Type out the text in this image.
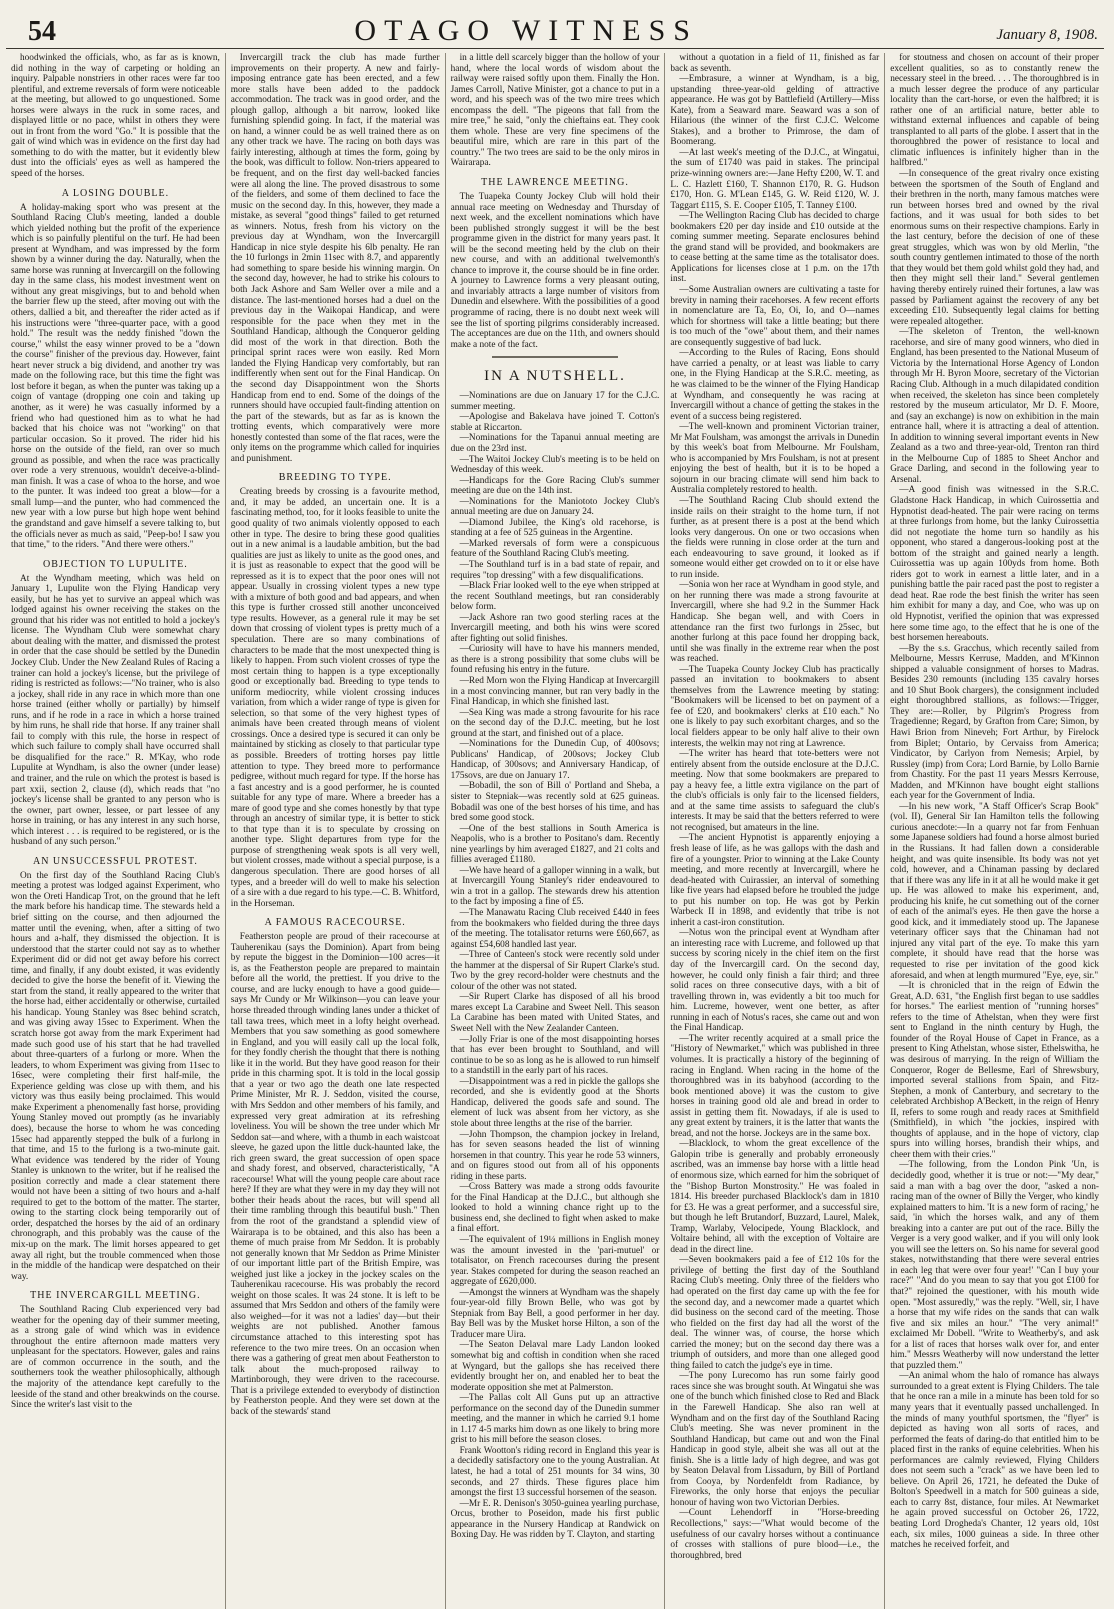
54	OTAGO WITNESS	January 8, 1908.

hoodwinked the officials, who, as far as is known, did nothing in the way of carpeting or holding an inquiry. Palpable nonstriers in other races were far too plentiful, and extreme reversals of form were noticeable at the meeting, but allowed to go unquestioned. Some horses were always in the ruck in some races, and displayed little or no pace, whilst in others they were out in front from the word "Go." It is possible that the gait of wind which was in evidence on the first day had something to do with the matter, but it evidently blew dust into the officials' eyes as well as hampered the speed of the horses.

A LOSING DOUBLE.

A holiday-making sport who was present at the Southland Racing Club's meeting, landed a double which yielded nothing but the profit of the experience which is so painfully plentiful on the turf. He had been present at Wyndham, and was impressed by the form shown by a winner during the day. Naturally, when the same horse was running at Invercargill on the following day in the same class, his modest investment went on without any great misgivings, but to and behold when the barrier flew up the steed, after moving out with the others, dallied a bit, and thereafter the rider acted as if his instructions were "three-quarter pace, with a good hold." The result was the neddy finished "down the course," whilst the easy winner proved to be a "down the course" finisher of the previous day. However, faint heart never struck a big dividend, and another try was made on the following race, but this time the fight was lost before it began, as when the punter was taking up a coign of vantage (dropping one coin and taking up another, as it were) he was casually informed by a friend who had questioned him as to what he had backed that his choice was not "working" on that particular occasion. So it proved. The rider hid his horse on the outside of the field, ran over so much ground as possible, and when the race was practically over rode a very strenuous, wouldn't deceive-a-blind-man finish. It was a case of whoa to the horse, and woe to the punter. It was indeed too great a blow—for a small lump—and the punter, who had commenced the new year with a low purse but high hope went behind the grandstand and gave himself a severe talking to, but the officials never as much as said, "Peep-bo! I saw you that time," to the riders. "And there were others."

OBJECTION TO LUPULITE.

At the Wyndham meeting, which was held on January 1, Lupulite won the Flying Handicap very easily, but he has yet to survive an appeal which was lodged against his owner receiving the stakes on the ground that his rider was not entitled to hold a jockey's license. The Wyndham Club were somewhat chary about dealing with the matter, and dismissed the protest in order that the case should be settled by the Dunedin Jockey Club. Under the New Zealand Rules of Racing a trainer can hold a jockey's license, but the privilege of riding is restricted as follows:—"No trainer, who is also a jockey, shall ride in any race in which more than one horse trained (either wholly or partially) by himself runs, and if he rode in a race in which a horse trained by him runs, he shall ride that horse. If any trainer shall fail to comply with this rule, the horse in respect of which such failure to comply shall have occurred shall be disqualified for the race." R. M'Kay, who rode Lupulite at Wyndham, is also the owner (under lease) and trainer, and the rule on which the protest is based is part xxii, section 2, clause (d), which reads that "no jockey's license shall be granted to any person who is the owner, part owner, lessee, or part lessee of any horse in training, or has any interest in any such horse, which interest . . . is required to be registered, or is the husband of any such person."

AN UNSUCCESSFUL PROTEST.

On the first day of the Southland Racing Club's meeting a protest was lodged against Experiment, who won the Oreti Handicap Trot, on the ground that he left the mark before his handicap time. The stewards held a brief sitting on the course, and then adjourned the matter until the evening, when, after a sitting of two hours and a-half, they dismissed the objection. It is understood that the starter could not say as to whether Experiment did or did not get away before his correct time, and finally, if any doubt existed, it was evidently decided to give the horse the benefit of it. Viewing the start from the stand, it really appeared to the writer that the horse had, either accidentally or otherwise, curtailed his handicap. Young Stanley was 8sec behind scratch, and was giving away 15sec to Experiment. When the scratch horse got away from the mark Experiment had made such good use of his start that he had travelled about three-quarters of a furlong or more. When the leaders, to whom Experiment was giving from 11sec to 16sec, were completing their first half-mile, the Experience gelding was close up with them, and his victory was thus easily being proclaimed. This would make Experiment a phenomenally fast horse, providing Young Stanley moved out promptly (as he invariably does), because the horse to whom he was conceding 15sec had apparently stepped the bulk of a furlong in that time, and 15 to the furlong is a two-minute gait. What evidence was tendered by the rider of Young Stanley is unknown to the writer, but if he realised the position correctly and made a clear statement there would not have been a sitting of two hours and a-half required to get to the bottom of the matter. The starter, owing to the starting clock being temporarily out of order, despatched the horses by the aid of an ordinary chronograph, and this probably was the cause of the mix-up on the mark. The limit horses appeared to get away all right, but the trouble commenced when those in the middle of the handicap were despatched on their way.

THE INVERCARGILL MEETING.

The Southland Racing Club experienced very bad weather for the opening day of their summer meeting, as a strong gale of wind which was in evidence throughout the entire afternoon made matters very unpleasant for the spectators. However, gales and rains are of common occurrence in the south, and the southerners took the weather philosophically, although the majority of the attendance kept carefully to the leeside of the stand and other breakwinds on the course. Since the writer's last visit to the

Invercargill track the club has made further improvements on their property. A new and fairly-imposing entrance gate has been erected, and a few more stalls have been added to the paddock accommodation. The track was in good order, and the plough gallop, although a bit narrow, looked like furnishing splendid going. In fact, if the material was on hand, a winner could be as well trained there as on any other track we have. The racing on both days was fairly interesting, although at times the form, going by the book, was difficult to follow. Non-triers appeared to be frequent, and on the first day well-backed fancies were all along the line. The proved disastrous to some of the fielders, and some of them declined to face the music on the second day. In this, however, they made a mistake, as several "good things" failed to get returned as winners. Notus, fresh from his victory on the previous day at Wyndham, won the Invercargill Handicap in nice style despite his 6lb penalty. He ran the 10 furlongs in 2min 11sec with 8.7, and apparently had something to spare beside his winning margin. On the second day, however, he had to strike his colours to both Jack Ashore and Sam Weller over a mile and a distance. The last-mentioned horses had a duel on the previous day in the Waikopai Handicap, and were responsible for the pace when they met in the Southland Handicap, although the Conqueror gelding did most of the work in that direction. Both the principal sprint races were won easily. Red Morn landed the Flying Handicap very comfortably, but ran indifferently when sent out for the Final Handicap. On the second day Disappointment won the Shorts Handicap from end to end. Some of the doings of the runners should have occupied fault-finding attention on the part of the stewards, but as far as is known the trotting events, which comparatively were more honestly contested than some of the flat races, were the only items on the programme which called for inquiries and punishment.

BREEDING TO TYPE.

Creating breeds by crossing is a favourite method, and, it may be added, an uncertain one. It is a fascinating method, too, for it looks feasible to unite the good quality of two animals violently opposed to each other in type. The desire to bring these good qualities out in a new animal is a laudable ambition, but the bad qualities are just as likely to unite as the good ones, and it is just as reasonable to expect that the good will be repressed as it is to expect that the poor ones will not appear. Usually in crossing violent types a new type with a mixture of both good and bad appears, and when this type is further crossed still another unconceived type results. However, as a general rule it may be set down that crossing of violent types is pretty much of a speculation. There are so many combinations of characters to be made that the most unexpected thing is likely to happen. From such violent crosses of type the most certain thing to happen is a type exceptionally good or exceptionally bad. Breeding to type tends to uniform mediocrity, while violent crossing induces variation, from which a wider range of type is given for selection, so that some of the very highest types of animals have been created through means of violent crossings. Once a desired type is secured it can only be maintained by sticking as closely to that particular type as possible. Breeders of trotting horses pay little attention to type. They breed more to performance pedigree, without much regard for type. If the horse has a fast ancestry and is a good performer, he is counted suitable for any type of mare. Where a breeder has a mare of good type and she comes honestly by that type through an ancestry of similar type, it is better to stick to that type than it is to speculate by crossing on another type. Slight departures from type for the purpose of strengthening weak spots is all very well, but violent crosses, made without a special purpose, is a dangerous speculation. There are good horses of all types, and a breeder will do well to make his selection of a sire with a due regard to his type.—C. B. Whitford, in the Horseman.

A FAMOUS RACECOURSE.

Featherston people are proud of their racecourse at Tauherenikau (says the Dominion). Apart from being by repute the biggest in the Dominion—100 acres—it is, as the Featherston people are prepared to maintain before all the world, the prettiest. If you drive to the course, and are lucky enough to have a good guide—says Mr Cundy or Mr Wilkinson—you can leave your horse threaded through winding lanes under a thicket of tall tawa trees, which meet in a lofty height overhead. Members that you saw something as good somewhere in England, and you will easily call up the local folk, for they fondly cherish the thought that there is nothing like it in the world. But they have good reason for their pride in this charming spot. It is told in the local gossip that a year or two ago the death one late respected Prime Minister, Mr R. J. Seddon, visited the course, with Mrs Seddon and other members of his family, and expressed very great admiration at its refreshing loveliness. You will be shown the tree under which Mr Seddon sat—and where, with a thumb in each waistcoat sleeve, he gazed upon the little duck-haunted lake, the rich green sward, the great succession of open space and shady forest, and observed, characteristically, "A racecourse! What will the young people care about race here? If they are what they were in my day they will not bother their heads about the races, but will spend all their time rambling through this beautiful bush." Then from the root of the grandstand a splendid view of Wairarapa is to be obtained, and this also has been a theme of much praise from Mr Seddon. It is probably not generally known that Mr Seddon as Prime Minister of our important little part of the British Empire, was weighed just like a jockey in the jockey scales on the Tauherenikau racecourse. His was probably the record weight on those scales. It was 24 stone. It is left to be assumed that Mrs Seddon and others of the family were also weighed—for it was not a ladies' day—but their weights are not published. Another famous circumstance attached to this interesting spot has reference to the two mire trees. On an occasion when there was a gathering of great men about Featherston to talk about the much-proposed railway to Martinborough, they were driven to the racecourse. That is a privilege extended to everybody of distinction by Featherston people. And they were set down at the back of the stewards' stand

in a little dell scarcely bigger than the hollow of your hand, where the local words of wisdom about the railway were raised softly upon them. Finally the Hon. James Carroll, Native Minister, got a chance to put in a word, and his speech was of the two mire trees which encompass the dell. "The pigeons that fall from the mire tree," he said, "only the chieftains eat. They cook them whole. These are very fine specimens of the beautiful mire, which are rare in this part of the country." The two trees are said to be the only miros in Wairarapa.

THE LAWRENCE MEETING.

The Tuapeka County Jockey Club will hold their annual race meeting on Wednesday and Thursday of next week, and the excellent nominations which have been published strongly suggest it will be the best programme given in the district for many years past. It will be the second meeting held by the club on their new course, and with an additional twelvemonth's chance to improve it, the course should be in fine order. A journey to Lawrence forms a very pleasant outing, and invariably attracts a large number of visitors from Dunedin and elsewhere. With the possibilities of a good programme of racing, there is no doubt next week will see the list of sporting pilgrims considerably increased. The acceptances are due on the 11th, and owners should make a note of the fact.

IN A NUTSHELL.

—Nominations are due on January 17 for the C.J.C. summer meeting.

—Apologise and Bakelava have joined T. Cotton's stable at Riccarton.

—Nominations for the Tapanui annual meeting are due on the 23rd inst.

—The Waitoi Jockey Club's meeting is to be held on Wednesday of this week.

—Handicaps for the Gore Racing Club's summer meeting are due on the 14th inst.

—Nominations for the Maniototo Jockey Club's annual meeting are due on January 24.

—Diamond Jubilee, the King's old racehorse, is standing at a fee of 525 guineas in the Argentine.

—Marked reversals of form were a conspicuous feature of the Southland Racing Club's meeting.

—The Southland turf is in a bad state of repair, and requires "top dressing" with a few disqualifications.

—Black Friar looked well to the eye when stripped at the recent Southland meetings, but ran considerably below form.

—Jack Ashore ran two good sterling races at the Invercargill meeting, and both his wins were scored after fighting out solid finishes.

—Curiosity will have to have his manners mended, as there is a strong possibility that some clubs will be found refusing his entry in the future.

—Red Morn won the Flying Handicap at Invercargill in a most convincing manner, but ran very badly in the Final Handicap, in which she finished last.

—Sea King was made a strong favourite for his race on the second day of the D.J.C. meeting, but he lost ground at the start, and finished out of a place.

—Nominations for the Dunedin Cup, of 400sovs; Publicans' Handicap, of 200sovs; Jockey Club Handicap, of 300sovs; and Anniversary Handicap, of 175sovs, are due on January 17.

—Bobadil, the son of Bill o' Portland and Sheba, a sister to Stepniak—was recently sold at 625 guineas. Bobadil was one of the best horses of his time, and has bred some good stock.

—One of the best stallions in South America is Neapolis, who is a brother to Positano's dam. Recently nine yearlings by him averaged £1827, and 21 colts and fillies averaged £1180.

—We have heard of a galloper winning in a walk, but at Invercargill Young Stanley's rider endeavoured to win a trot in a gallop. The stewards drew his attention to the fact by imposing a fine of £5.

—The Manawatu Racing Club received £440 in fees from the bookmakers who fielded during the three days of the meeting. The totalisator returns were £60,667, as against £54,608 handled last year.

—Three of Canteen's stock were recently sold under the hammer at the dispersal of Sir Rupert Clarke's stud. Two by the grey record-holder were chestnuts and the colour of the other was not stated.

—Sir Rupert Clarke has disposed of all his brood mares except La Carabine and Sweet Nell. This season La Carabine has been mated with United States, and Sweet Nell with the New Zealander Canteen.

—Jolly Friar is one of the most disappointing horses that has ever been brought to Southland, and will continue to be so as long as he is allowed to run himself to a standstill in the early part of his races.

—Disappointment was a red in pickle the gallops she recorded, and she is evidently good at the Shorts Handicap, delivered the goods safe and sound. The element of luck was absent from her victory, as she stole about three lengths at the rise of the barrier.

—John Thompson, the champion jockey in Ireland, has for seven seasons headed the list of winning horsemen in that country. This year he rode 53 winners, and on figures stood out from all of his opponents riding in these parts.

—Cross Battery was made a strong odds favourite for the Final Handicap at the D.J.C., but although she looked to hold a winning chance right up to the business end, she declined to fight when asked to make a final effort.

—The equivalent of 19¼ millions in English money was the amount invested in the 'pari-mutuel' or totalisator, on French racecourses during the present year. Stakes competed for during the season reached an aggregate of £620,000.

—Amongst the winners at Wyndham was the shapely four-year-old filly Brown Belle, who was got by Stepniak from Bay Bell, a good performer in her day. Bay Bell was by the Musket horse Hilton, a son of the Traducer mare Uira.

—The Seaton Delaval mare Lady Landon looked somewhat big and coftish in condition when she raced at Wyngard, but the gallops she has received there evidently brought her on, and enabled her to beat the moderate opposition she met at Palmerston.

—The Pallas colt All Guns put up an attractive performance on the second day of the Dunedin summer meeting, and the manner in which he carried 9.1 home in 1.17 4-5 marks him down as one likely to bring more grist to his mill before the season closes.

Frank Wootton's riding record in England this year is a decidedly satisfactory one to the young Australian. At latest, he had a total of 251 mounts for 34 wins, 30 seconds, and 27 thirds. These figures place him amongst the first 13 successful horsemen of the season.

—Mr E. R. Denison's 3050-guinea yearling purchase, Orcus, brother to Poseidon, made his first public appearance in the Nursery Handicap at Randwick on Boxing Day. He was ridden by T. Clayton, and starting

without a quotation in a field of 11, finished as far back as seventh.

—Embrasure, a winner at Wyndham, is a big, upstanding three-year-old gelding of attractive appearance. He was got by Battlefield (Artillery—Miss Kate), from a Seaward mare. Seaward was a son of Hilarious (the winner of the first C.J.C. Welcome Stakes), and a brother to Primrose, the dam of Boomerang.

—At last week's meeting of the D.J.C., at Wingatui, the sum of £1740 was paid in stakes. The principal prize-winning owners are:—Jane Hefty £200, W. T. and L. C. Hazlett £160, T. Shannon £170, R. G. Hudson £170, Hon. G. M'Lean £145, G. W. Reid £120, W. J. Taggart £115, S. E. Cooper £105, T. Tanney £100.

—The Wellington Racing Club has decided to charge bookmakers £20 per day inside and £10 outside at the coming summer meeting. Separate enclosures behind the grand stand will be provided, and bookmakers are to cease betting at the same time as the totalisator does. Applications for licenses close at 1 p.m. on the 17th inst.

—Some Australian owners are cultivating a taste for brevity in naming their racehorses. A few recent efforts in nomenclature are Ta, Eo, Oi, Io, and O—names which for shortness will take a little beating; but there is too much of the "owe" about them, and their names are consequently suggestive of bad luck.

—According to the Rules of Racing, Eons should have carried a penalty, or at least was liable to carry one, in the Flying Handicap at the S.R.C. meeting, as he was claimed to be the winner of the Flying Handicap at Wyndham, and consequently he was racing at Invercargill without a chance of getting the stakes in the event of a success being registered.

—The well-known and prominent Victorian trainer, Mr Mat Foulsham, was amongst the arrivals in Dunedin by this week's boat from Melbourne. Mr Foulsham, who is accompanied by Mrs Foulsham, is not at present enjoying the best of health, but it is to be hoped a sojourn in our bracing climate will send him back to Australia completely restored to health.

—The Southland Racing Club should extend the inside rails on their straight to the home turn, if not further, as at present there is a post at the bend which looks very dangerous. On one or two occasions when the fields were running in close order at the turn and each endeavouring to save ground, it looked as if someone would either get crowded on to it or else have to run inside.

—Sonia won her race at Wyndham in good style, and on her running there was made a strong favourite at Invercargill, where she had 9.2 in the Summer Hack Handicap. She began well, and with Coers in attendance ran the first two furlongs in 25sec, but another furlong at this pace found her dropping back, until she was finally in the extreme rear when the post was reached.

—The Tuapeka County Jockey Club has practically passed an invitation to bookmakers to absent themselves from the Lawrence meeting by stating: "Bookmakers will be licensed to bet on payment of a fee of £20, and bookmakers' clerks at £10 each." No one is likely to pay such exorbitant charges, and so the local fielders appear to be only half alive to their own interests, the welkin may not ring at Lawrence.

—The writer has heard that tote-betters were not entirely absent from the outside enclosure at the D.J.C. meeting. Now that some bookmakers are prepared to pay a heavy fee, a little extra vigilance on the part of the club's officials is only fair to the licensed fielders, and at the same time assists to safeguard the club's interests. It may be said that the betters referred to were not recognised, but amateurs in the line.

—The ancient Hypnotist is apparently enjoying a fresh lease of life, as he was gallops with the dash and fire of a youngster. Prior to winning at the Lake County meeting, and more recently at Invercargill, where he dead-heated with Cuirassier, an interval of something like five years had elapsed before he troubled the judge to put his number on top. He was got by Perkin Warbeck II in 1898, and evidently that tribe is not inherit a cast-iron constitution.

—Notus won the principal event at Wyndham after an interesting race with Lucreme, and followed up that success by scoring nicely in the chief item on the first day of the Invercargill card. On the second day, however, he could only finish a fair third; and three solid races on three consecutive days, with a bit of travelling thrown in, was evidently a bit too much for him. Lucreme, however, went one better, as after running in each of Notus's races, she came out and won the Final Handicap.

—The writer recently acquired at a small price the "History of Newmarket," which was published in three volumes. It is practically a history of the beginning of racing in England. When racing in the home of the thoroughbred was in its babyhood (according to the book mentioned above) it was the custom to give horses in training good old ale and bread in order to assist in getting them fit. Nowadays, if ale is used to any great extent by trainers, it is the latter that wants the bread, and not the horse. Jockeys are in the same box.

—Blacklock, to whom the great excellence of the Galopin tribe is generally and probably erroneously ascribed, was an immense bay horse with a little head of enormous size, which earned for him the sobriquet of the "Bishop Burton Monstrosity." He was foaled in 1814. His breeder purchased Blacklock's dam in 1810 for £3. He was a great performer, and a successful sire, but though he left Brutandorf, Buzzard, Laurel, Malek, Tramp, Warlaby, Velocipede, Young Blacklock, and Voltaire behind, all with the exception of Voltaire are dead in the direct line.

—Seven bookmakers paid a fee of £12 10s for the privilege of betting the first day of the Southland Racing Club's meeting. Only three of the fielders who had operated on the first day came up with the fee for the second day, and a newcomer made a quartet which did business on the second card of the meeting. Those who fielded on the first day had all the worst of the deal. The winner was, of course, the horse which carried the money; but on the second day there was a triumph of outsiders, and more than one alleged good thing failed to catch the judge's eye in time.

—The pony Lurecomo has run some fairly good races since she was brought south. At Wingatui she was one of the bunch which finished close to Red and Black in the Farewell Handicap. She also ran well at Wyndham and on the first day of the Southland Racing Club's meeting. She was never prominent in the Southland Handicap, but came out and won the Final Handicap in good style, albeit she was all out at the finish. She is a little lady of high degree, and was got by Seaton Delaval from Lissadurn, by Bill of Portland from Cooya, by Nordenfeldt from Radiance, by Fireworks, the only horse that enjoys the peculiar honour of having won two Victorian Derbies.

—Count Lehendorff in "Horse-breeding Recollections," says:—"What would become of the usefulness of our cavalry horses without a continuance of crosses with stallions of pure blood—i.e., the thoroughbred, bred

for stoutness and chosen on account of their proper excellent qualities, so as to constantly renew the necessary steel in the breed. . . . The thoroughbred is in a much lesser degree the produce of any particular locality than the cart-horse, or even the halfbred; it is rather one of an artificial nature, better able to withstand external influences and capable of being transplanted to all parts of the globe. I assert that in the thoroughbred the power of resistance to local and climatic influences is infinitely higher than in the halfbred."

—In consequence of the great rivalry once existing between the sportsmen of the South of England and their brethren in the north, many famous matches were run between horses bred and owned by the rival factions, and it was usual for both sides to bet enormous sums on their respective champions. Early in the last century, before the decision of one of these great struggles, which was won by old Merlin, "the south country gentlemen intimated to those of the north that they would bet them gold whilst gold they had, and then they might sell their land." Several gentlemen having thereby entirely ruined their fortunes, a law was passed by Parliament against the recovery of any bet exceeding £10. Subsequently legal claims for betting were repealed altogether.

—The skeleton of Trenton, the well-known racehorse, and sire of many good winners, who died in England, has been presented to the National Museum of Victoria by the International Horse Agency of London through Mr H. Byron Moore, secretary of the Victorian Racing Club. Although in a much dilapidated condition when received, the skeleton has since been completely restored by the museum articulator, Mr D. F. Moore, and (say an exchange) is now on exhibition in the main entrance hall, where it is attracting a deal of attention. In addition to winning several important events in New Zealand as a two and three-year-old, Trenton ran third in the Melbourne Cup of 1885 to Sheet Anchor and Grace Darling, and second in the following year to Arsenal.

—A good finish was witnessed in the S.R.C. Gladstone Hack Handicap, in which Cuirossettia and Hypnotist dead-heated. The pair were racing on terms at three furlongs from home, but the lanky Cuirossettia did not negotiate the home turn so handily as his opponent, who stared a dangerous-looking post at the bottom of the straight and gained nearly a length. Cuirossettia was up again 100yds from home. Both riders got to work in earnest a little later, and in a punishing battle the pair raced past the post to register a dead heat. Rae rode the best finish the writer has seen him exhibit for many a day, and Coe, who was up on old Hypnotist, verified the opinion that was expressed here some time ago, to the effect that he is one of the best horsemen hereabouts.

—By the s.s. Gracchus, which recently sailed from Melbourne, Messrs Kerruse, Madden, and M'Kinnon shipped a valuable consignment of horses to Madras. Besides 230 remounts (including 135 cavalry horses and 10 Shut Book chargers), the consignment included eight thoroughbred stallions, as follows:—Trigger, They are:—Roller, by Pilgrim's Progress from Tragedienne; Regard, by Grafton from Care; Simon, by Hawi Brion from Nineveh; Fort Arthur, by Firelock from Biplet; Ontario, by Cervaiss from America; Vindicator, by Carlyon from Nemesis; Arpiel, by Russley (imp) from Cora; Lord Barnie, by Lollo Barnie from Chastity. For the past 11 years Messrs Kerrouse, Madden, and M'Kinnon have bought eight stallions each year for the Government of India.

—In his new work, "A Staff Officer's Scrap Book" (vol. II), General Sir Ian Hamilton tells the following curious anecdote:—In a quarry not far from Fenhuan some Japanese soldiers had found a horse almost buried in the Russians. It had fallen down a considerable height, and was quite insensible. Its body was not yet cold, however, and a Chinaman passing by declared that if there was any life in it at all he would make it get up. He was allowed to make his experiment, and, producing his knife, he cut something out of the corner of each of the animal's eyes. He then gave the horse a good kick, and it immediately stood up. The Japanese veterinary officer says that the Chinaman had not injured any vital part of the eye. To make this yarn complete, it should have read that the horse was requested to rise per invitation of the good kick aforesaid, and when at length murmured "Eye, eye, sir."

—It is chronicled that in the reign of Edwin the Great, A.D. 631, "the English first began to use saddles for horses." The earliest mention of "running horses" refers to the time of Athelstan, when they were first sent to England in the ninth century by Hugh, the founder of the Royal House of Capet in France, as a present to King Athelstan, whose sister, Ethelswitha, he was desirous of marrying. In the reign of William the Conqueror, Roger de Bellesme, Earl of Shrewsbury, imported several stallions from Spain, and Fitz-Stephen, a monk of Canterbury, and secretary to the celebrated Archbishop A'Beckett, in the reign of Henry II, refers to some rough and ready races at Smithfield (Smithfield), in which "the jockies, inspired with thoughts of applause, and in the hope of victory, clap spurs into willing horses, brandish their whips, and cheer them with their cries."

—The following, from the London Pink 'Un, is decidedly good, whether it is true or not:—"My dear," said a man with a bag over the door, "asked a non-racing man of the owner of Billy the Verger, who kindly explained matters to him. 'It is a new form of racing,' he said, 'in which the horses walk, and any of them breaking into a canter are put out of the race. Billy the Verger is a very good walker, and if you will only look you will see the letters on. So his name for several good stakes, notwithstanding that there were several entries in each leg that were over four year!' "Can I buy your race?" "And do you mean to say that you got £100 for that?" rejoined the questioner, with his mouth wide open. "Most assuredly," was the reply. "Well, sir, I have a horse that my wife rides on the sands that can walk five and six miles an hour." "The very animal!" exclaimed Mr Dobell. "Write to Weatherby's, and ask for a list of races that horses walk over for, and enter him." Messrs Weatherby will now understand the letter that puzzled them."

—An animal whom the halo of romance has always surrounded to a great extent is Flying Childers. The tale that he once ran a mile in a minute has been told for so many years that it eventually passed unchallenged. In the minds of many youthful sportsmen, the "flyer" is depicted as having won all sorts of races, and performed the feats of daring-do that entitled him to be placed first in the ranks of equine celebrities. When his performances are calmly reviewed, Flying Childers does not seem such a "crack" as we have been led to believe. On April 26, 1721, he defeated the Duke of Bolton's Speedwell in a match for 500 guineas a side, each to carry 8st, distance, four miles. At Newmarket he again proved successful on October 26, 1722, beating Lord Drogheda's Chanter, 12 years old, 10st each, six miles, 1000 guineas a side. In three other matches he received forfeit, and
